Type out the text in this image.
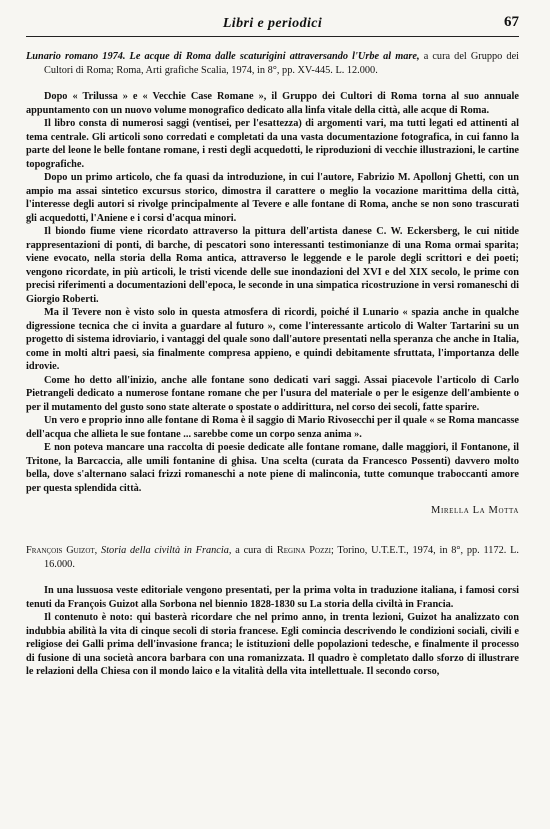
Libri e periodici	67

Lunario romano 1974. Le acque di Roma dalle scaturigini attraversando l'Urbe al mare, a cura del Gruppo dei Cultori di Roma; Roma, Arti grafiche Scalia, 1974, in 8°, pp. XV-445. L. 12.000.

Dopo « Trilussa » e « Vecchie Case Romane », il Gruppo dei Cultori di Roma torna al suo annuale appuntamento con un nuovo volume monografico dedicato alla linfa vitale della città, alle acque di Roma.

Il libro consta di numerosi saggi (ventisei, per l'esattezza) di argomenti vari, ma tutti legati ed attinenti al tema centrale. Gli articoli sono corredati e completati da una vasta documentazione fotografica, in cui fanno la parte del leone le belle fontane romane, i resti degli acquedotti, le riproduzioni di vecchie illustrazioni, le cartine topografiche.

Dopo un primo articolo, che fa quasi da introduzione, in cui l'autore, Fabrizio M. Apollonj Ghetti, con un ampio ma assai sintetico excursus storico, dimostra il carattere o meglio la vocazione marittima della città, l'interesse degli autori si rivolge principalmente al Tevere e alle fontane di Roma, anche se non sono trascurati gli acquedotti, l'Aniene e i corsi d'acqua minori.

Il biondo fiume viene ricordato attraverso la pittura dell'artista danese C. W. Eckersberg, le cui nitide rappresentazioni di ponti, di barche, di pescatori sono interessanti testimonianze di una Roma ormai sparita; viene evocato, nella storia della Roma antica, attraverso le leggende e le parole degli scrittori e dei poeti; vengono ricordate, in più articoli, le tristi vicende delle sue inondazioni del XVI e del XIX secolo, le prime con precisi riferimenti a documentazioni dell'epoca, le seconde in una simpatica ricostruzione in versi romaneschi di Giorgio Roberti.

Ma il Tevere non è visto solo in questa atmosfera di ricordi, poiché il Lunario « spazia anche in qualche digressione tecnica che ci invita a guardare al futuro », come l'interessante articolo di Walter Tartarini su un progetto di sistema idroviario, i vantaggi del quale sono dall'autore presentati nella speranza che anche in Italia, come in molti altri paesi, sia finalmente compresa appieno, e quindi debitamente sfruttata, l'importanza delle idrovie.

Come ho detto all'inizio, anche alle fontane sono dedicati vari saggi. Assai piacevole l'articolo di Carlo Pietrangeli dedicato a numerose fontane romane che per l'usura del materiale o per le esigenze dell'ambiente o per il mutamento del gusto sono state alterate o spostate o addirittura, nel corso dei secoli, fatte sparire.

Un vero e proprio inno alle fontane di Roma è il saggio di Mario Rivosecchi per il quale « se Roma mancasse dell'acqua che allieta le sue fontane ... sarebbe come un corpo senza anima ».

E non poteva mancare una raccolta di poesie dedicate alle fontane romane, dalle maggiori, il Fontanone, il Tritone, la Barcaccia, alle umili fontanine di ghisa. Una scelta (curata da Francesco Possenti) davvero molto bella, dove s'alternano salaci frizzi romaneschi a note piene di malinconia, tutte comunque traboccanti amore per questa splendida città.

Mirella La Motta

François Guizot, Storia della civiltà in Francia, a cura di Regina Pozzi; Torino, U.T.E.T., 1974, in 8°, pp. 1172. L. 16.000.

In una lussuosa veste editoriale vengono presentati, per la prima volta in traduzione italiana, i famosi corsi tenuti da François Guizot alla Sorbona nel biennio 1828-1830 su La storia della civiltà in Francia.

Il contenuto è noto: qui basterà ricordare che nel primo anno, in trenta lezioni, Guizot ha analizzato con indubbia abilità la vita di cinque secoli di storia francese. Egli comincia descrivendo le condizioni sociali, civili e religiose dei Galli prima dell'invasione franca; le istituzioni delle popolazioni tedesche, e finalmente il processo di fusione di una società ancora barbara con una romanizzata. Il quadro è completato dallo sforzo di illustrare le relazioni della Chiesa con il mondo laico e la vitalità della vita intellettuale. Il secondo corso,
